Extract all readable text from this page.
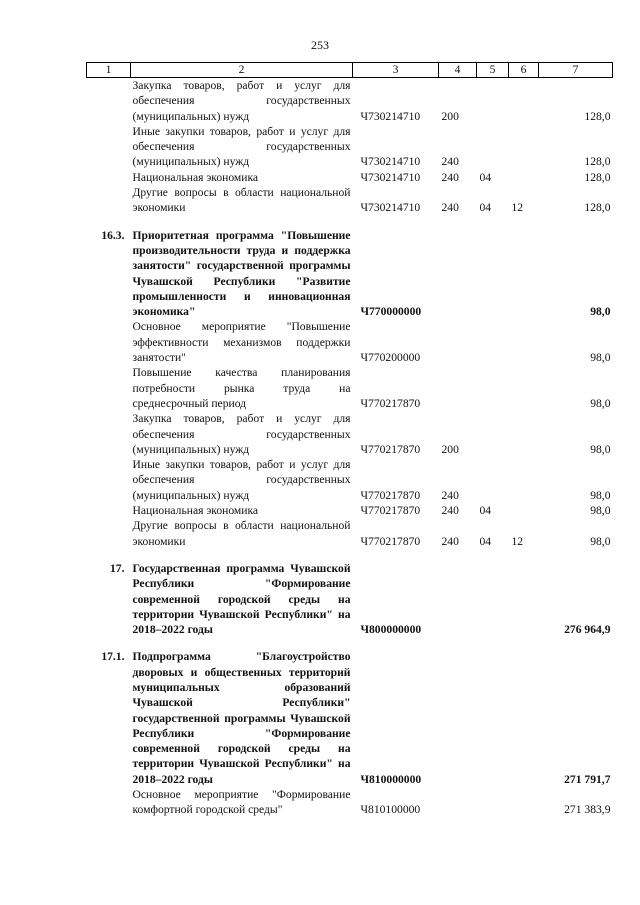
253
1	2	3	4	5	6	7
	Закупка товаров, работ и услуг для обеспечения государственных (муниципальных) нужд	Ч730214710	200			128,0
	Иные закупки товаров, работ и услуг для обеспечения государственных (муниципальных) нужд	Ч730214710	240			128,0
	Национальная экономика	Ч730214710	240	04		128,0
	Другие вопросы в области национальной экономики	Ч730214710	240	04	12	128,0

16.3.	Приоритетная программа "Повышение производительности труда и поддержка занятости" государственной программы Чувашской Республики "Развитие промышленности и инновационная экономика"	Ч770000000				98,0
	Основное мероприятие "Повышение эффективности механизмов поддержки занятости"	Ч770200000				98,0
	Повышение качества планирования потребности рынка труда на среднесрочный период	Ч770217870				98,0
	Закупка товаров, работ и услуг для обеспечения государственных (муниципальных) нужд	Ч770217870	200			98,0
	Иные закупки товаров, работ и услуг для обеспечения государственных (муниципальных) нужд	Ч770217870	240			98,0
	Национальная экономика	Ч770217870	240	04		98,0
	Другие вопросы в области национальной экономики	Ч770217870	240	04	12	98,0

17.	Государственная программа Чувашской Республики "Формирование современной городской среды на территории Чувашской Республики" на 2018–2022 годы	Ч800000000				276 964,9

17.1.	Подпрограмма "Благоустройство дворовых и общественных территорий муниципальных образований Чувашской Республики" государственной программы Чувашской Республики "Формирование современной городской среды на территории Чувашской Республики" на 2018–2022 годы	Ч810000000				271 791,7
	Основное мероприятие "Формирование комфортной городской среды"	Ч810100000				271 383,9
